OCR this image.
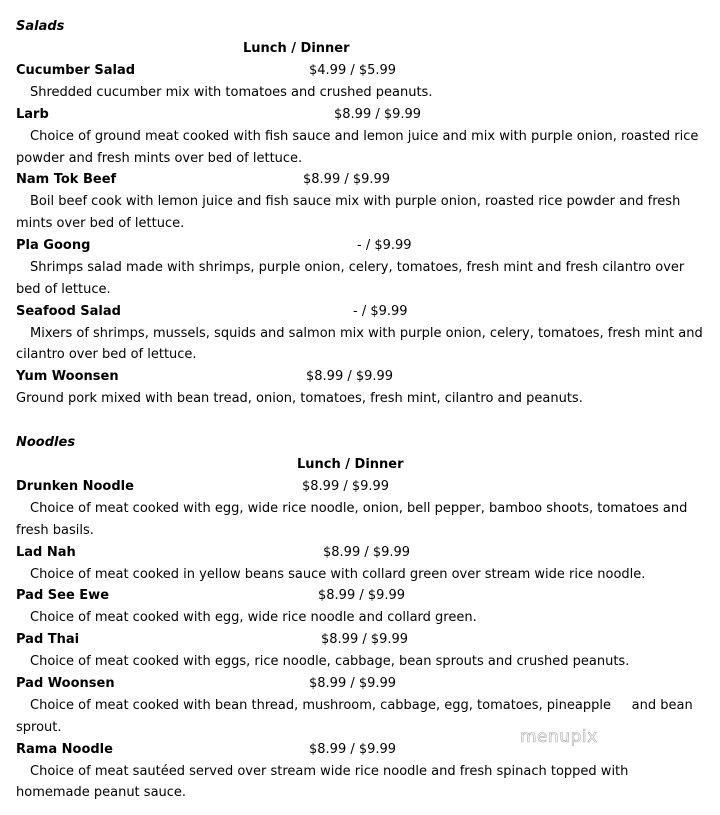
Salads
Lunch / Dinner
Cucumber Salad	$4.99 / $5.99

Shredded cucumber mix with tomatoes and crushed peanuts.

Larb	$8.99 / $9.99

Choice of ground meat cooked with fish sauce and lemon juice and mix with purple onion, roasted rice powder and fresh mints over bed of lettuce.

Nam Tok Beef	$8.99 / $9.99

Boil beef cook with lemon juice and fish sauce mix with purple onion, roasted rice powder and fresh mints over bed of lettuce.

Pla Goong	- / $9.99

Shrimps salad made with shrimps, purple onion, celery, tomatoes, fresh mint and fresh cilantro over bed of lettuce.

Seafood Salad	- / $9.99

Mixers of shrimps, mussels, squids and salmon mix with purple onion, celery, tomatoes, fresh mint and cilantro over bed of lettuce.

Yum Woonsen	$8.99 / $9.99

Ground pork mixed with bean tread, onion, tomatoes, fresh mint, cilantro and peanuts.

Noodles
Lunch / Dinner
Drunken Noodle	$8.99 / $9.99

Choice of meat cooked with egg, wide rice noodle, onion, bell pepper, bamboo shoots, tomatoes and fresh basils.

Lad Nah	$8.99 / $9.99

Choice of meat cooked in yellow beans sauce with collard green over stream wide rice noodle.

Pad See Ewe	$8.99 / $9.99

Choice of meat cooked with egg, wide rice noodle and collard green.

Pad Thai	$8.99 / $9.99

Choice of meat cooked with eggs, rice noodle, cabbage, bean sprouts and crushed peanuts.

Pad Woonsen	$8.99 / $9.99

Choice of meat cooked with bean thread, mushroom, cabbage, egg, tomatoes, pineapple     and bean sprout.

Rama Noodle	$8.99 / $9.99

Choice of meat sautéed served over stream wide rice noodle and fresh spinach topped with homemade peanut sauce.

menupix
